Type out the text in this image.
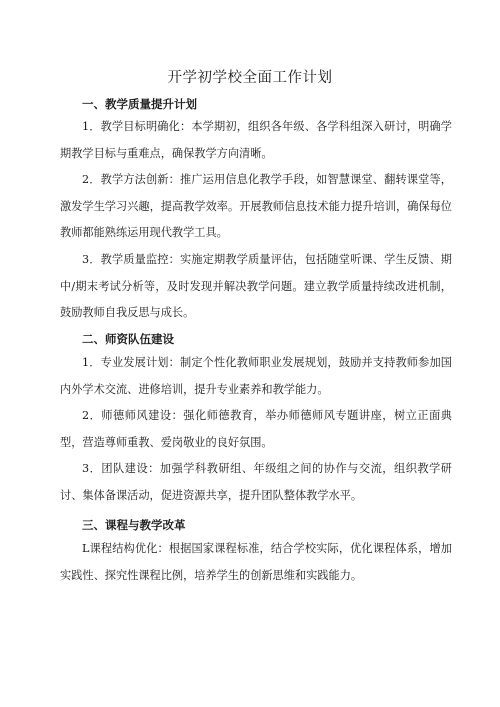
开学初学校全面工作计划
一、教学质量提升计划

1．教学目标明确化：本学期初，组织各年级、各学科组深入研讨，明确学期教学目标与重难点，确保教学方向清晰。

2．教学方法创新：推广运用信息化教学手段，如智慧课堂、翻转课堂等，激发学生学习兴趣，提高教学效率。开展教师信息技术能力提升培训，确保每位教师都能熟练运用现代教学工具。

3．教学质量监控：实施定期教学质量评估，包括随堂听课、学生反馈、期中/期末考试分析等，及时发现并解决教学问题。建立教学质量持续改进机制，鼓励教师自我反思与成长。

二、师资队伍建设

1．专业发展计划：制定个性化教师职业发展规划，鼓励并支持教师参加国内外学术交流、进修培训，提升专业素养和教学能力。

2．师德师风建设：强化师德教育，举办师德师风专题讲座，树立正面典型，营造尊师重教、爱岗敬业的良好氛围。

3．团队建设：加强学科教研组、年级组之间的协作与交流，组织教学研讨、集体备课活动，促进资源共享，提升团队整体教学水平。

三、课程与教学改革

L课程结构优化：根据国家课程标准，结合学校实际，优化课程体系，增加实践性、探究性课程比例，培养学生的创新思维和实践能力。
